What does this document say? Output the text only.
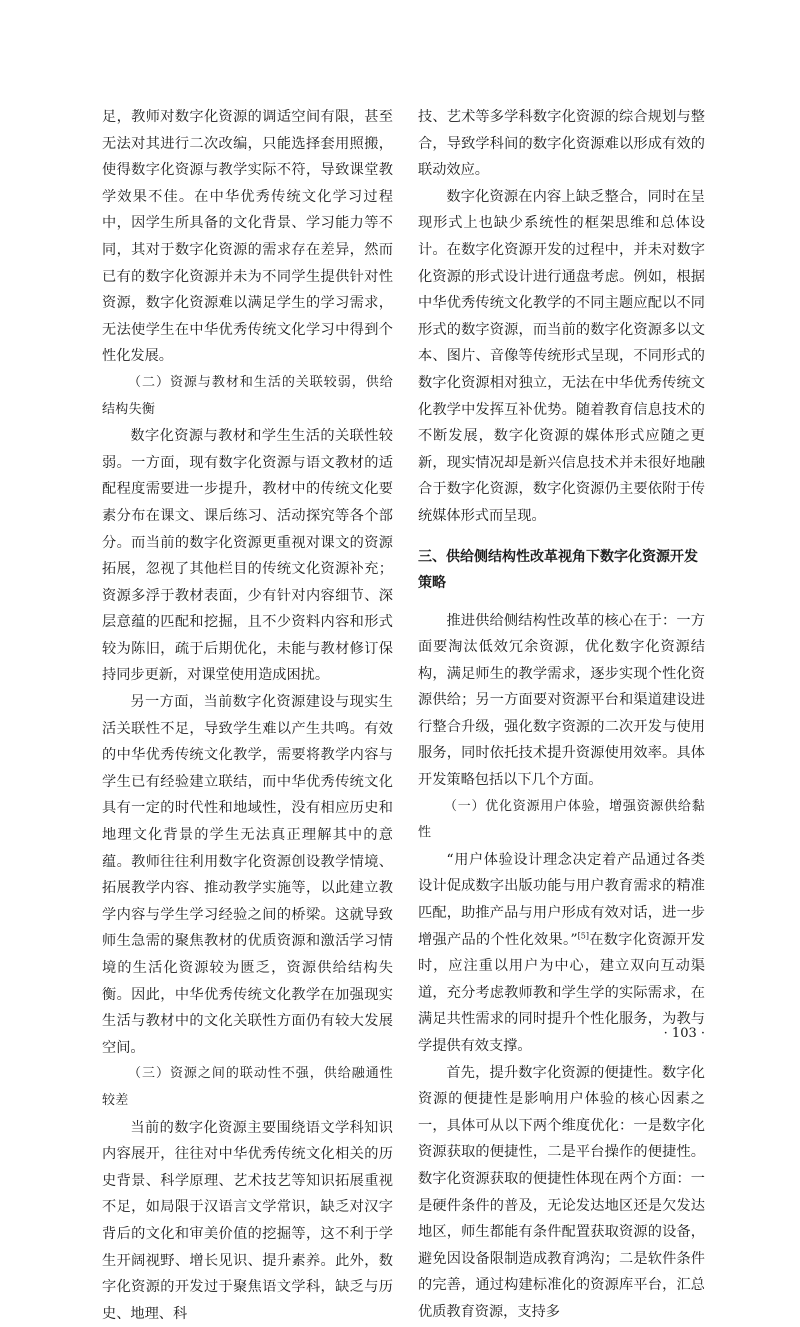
足，教师对数字化资源的调适空间有限，甚至无法对其进行二次改编，只能选择套用照搬，使得数字化资源与教学实际不符，导致课堂教学效果不佳。在中华优秀传统文化学习过程中，因学生所具备的文化背景、学习能力等不同，其对于数字化资源的需求存在差异，然而已有的数字化资源并未为不同学生提供针对性资源，数字化资源难以满足学生的学习需求，无法使学生在中华优秀传统文化学习中得到个性化发展。

（二）资源与教材和生活的关联较弱，供给结构失衡

数字化资源与教材和学生生活的关联性较弱。一方面，现有数字化资源与语文教材的适配程度需要进一步提升，教材中的传统文化要素分布在课文、课后练习、活动探究等各个部分。而当前的数字化资源更重视对课文的资源拓展，忽视了其他栏目的传统文化资源补充；资源多浮于教材表面，少有针对内容细节、深层意蕴的匹配和挖掘，且不少资料内容和形式较为陈旧，疏于后期优化，未能与教材修订保持同步更新，对课堂使用造成困扰。

另一方面，当前数字化资源建设与现实生活关联性不足，导致学生难以产生共鸣。有效的中华优秀传统文化教学，需要将教学内容与学生已有经验建立联结，而中华优秀传统文化具有一定的时代性和地域性，没有相应历史和地理文化背景的学生无法真正理解其中的意蕴。教师往往利用数字化资源创设教学情境、拓展教学内容、推动教学实施等，以此建立教学内容与学生学习经验之间的桥梁。这就导致师生急需的聚焦教材的优质资源和激活学习情境的生活化资源较为匮乏，资源供给结构失衡。因此，中华优秀传统文化教学在加强现实生活与教材中的文化关联性方面仍有较大发展空间。

（三）资源之间的联动性不强，供给融通性较差

当前的数字化资源主要围绕语文学科知识内容展开，往往对中华优秀传统文化相关的历史背景、科学原理、艺术技艺等知识拓展重视不足，如局限于汉语言文学常识，缺乏对汉字背后的文化和审美价值的挖掘等，这不利于学生开阔视野、增长见识、提升素养。此外，数字化资源的开发过于聚焦语文学科，缺乏与历史、地理、科

技、艺术等多学科数字化资源的综合规划与整合，导致学科间的数字化资源难以形成有效的联动效应。

数字化资源在内容上缺乏整合，同时在呈现形式上也缺少系统性的框架思维和总体设计。在数字化资源开发的过程中，并未对数字化资源的形式设计进行通盘考虑。例如，根据中华优秀传统文化教学的不同主题应配以不同形式的数字资源，而当前的数字化资源多以文本、图片、音像等传统形式呈现，不同形式的数字化资源相对独立，无法在中华优秀传统文化教学中发挥互补优势。随着教育信息技术的不断发展，数字化资源的媒体形式应随之更新，现实情况却是新兴信息技术并未很好地融合于数字化资源，数字化资源仍主要依附于传统媒体形式而呈现。

三、供给侧结构性改革视角下数字化资源开发策略

推进供给侧结构性改革的核心在于：一方面要淘汰低效冗余资源，优化数字化资源结构，满足师生的教学需求，逐步实现个性化资源供给；另一方面要对资源平台和渠道建设进行整合升级，强化数字资源的二次开发与使用服务，同时依托技术提升资源使用效率。具体开发策略包括以下几个方面。

（一）优化资源用户体验，增强资源供给黏性

“用户体验设计理念决定着产品通过各类设计促成数字出版功能与用户教育需求的精准匹配，助推产品与用户形成有效对话，进一步增强产品的个性化效果。”[5]在数字化资源开发时，应注重以用户为中心，建立双向互动渠道，充分考虑教师教和学生学的实际需求，在满足共性需求的同时提升个性化服务，为教与学提供有效支撑。

首先，提升数字化资源的便捷性。数字化资源的便捷性是影响用户体验的核心因素之一，具体可从以下两个维度优化：一是数字化资源获取的便捷性，二是平台操作的便捷性。数字化资源获取的便捷性体现在两个方面：一是硬件条件的普及，无论发达地区还是欠发达地区，师生都能有条件配置获取资源的设备，避免因设备限制造成教育鸿沟；二是软件条件的完善，通过构建标准化的资源库平台，汇总优质教育资源，支持多

· 103 ·
